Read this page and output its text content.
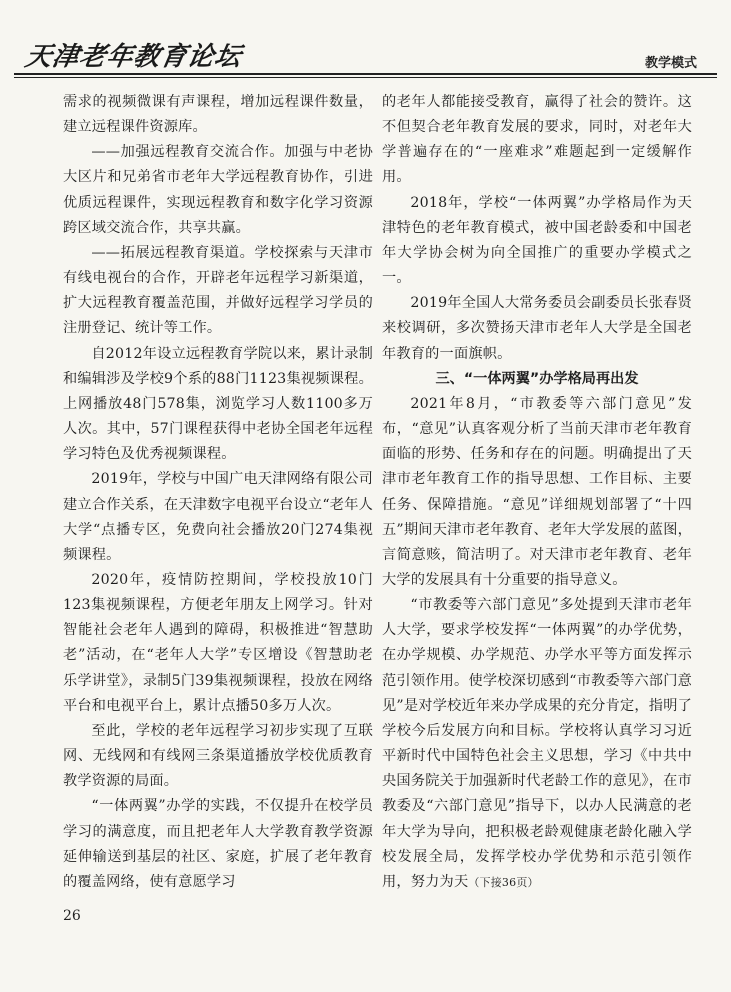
天津老年教育论坛	教学模式

需求的视频微课有声课程，增加远程课件数量，建立远程课件资源库。

——加强远程教育交流合作。加强与中老协大区片和兄弟省市老年大学远程教育协作，引进优质远程课件，实现远程教育和数字化学习资源跨区域交流合作，共享共赢。

——拓展远程教育渠道。学校探索与天津市有线电视台的合作，开辟老年远程学习新渠道，扩大远程教育覆盖范围，并做好远程学习学员的注册登记、统计等工作。

自2012年设立远程教育学院以来，累计录制和编辑涉及学校9个系的88门1123集视频课程。上网播放48门578集，浏览学习人数1100多万人次。其中，57门课程获得中老协全国老年远程学习特色及优秀视频课程。

2019年，学校与中国广电天津网络有限公司建立合作关系，在天津数字电视平台设立“老年人大学“点播专区，免费向社会播放20门274集视频课程。

2020年，疫情防控期间，学校投放10门123集视频课程，方便老年朋友上网学习。针对智能社会老年人遇到的障碍，积极推进“智慧助老”活动，在“老年人大学”专区增设《智慧助老乐学讲堂》，录制5门39集视频课程，投放在网络平台和电视平台上，累计点播50多万人次。

至此，学校的老年远程学习初步实现了互联网、无线网和有线网三条渠道播放学校优质教育教学资源的局面。

“一体两翼”办学的实践，不仅提升在校学员学习的满意度，而且把老年人大学教育教学资源延伸输送到基层的社区、家庭，扩展了老年教育的覆盖网络，使有意愿学习

的老年人都能接受教育，赢得了社会的赞许。这不但契合老年教育发展的要求，同时，对老年大学普遍存在的“一座难求”难题起到一定缓解作用。

2018年，学校“一体两翼”办学格局作为天津特色的老年教育模式，被中国老龄委和中国老年大学协会树为向全国推广的重要办学模式之一。

2019年全国人大常务委员会副委员长张春贤来校调研，多次赞扬天津市老年人大学是全国老年教育的一面旗帜。

三、“一体两翼”办学格局再出发

2021年8月，“市教委等六部门意见”发布，“意见”认真客观分析了当前天津市老年教育面临的形势、任务和存在的问题。明确提出了天津市老年教育工作的指导思想、工作目标、主要任务、保障措施。“意见”详细规划部署了“十四五”期间天津市老年教育、老年大学发展的蓝图，言简意赅，简洁明了。对天津市老年教育、老年大学的发展具有十分重要的指导意义。

“市教委等六部门意见”多处提到天津市老年人大学，要求学校发挥“一体两翼”的办学优势，在办学规模、办学规范、办学水平等方面发挥示范引领作用。使学校深切感到“市教委等六部门意见”是对学校近年来办学成果的充分肯定，指明了学校今后发展方向和目标。学校将认真学习习近平新时代中国特色社会主义思想，学习《中共中央国务院关于加强新时代老龄工作的意见》，在市教委及“六部门意见”指导下，以办人民满意的老年大学为导向，把积极老龄观健康老龄化融入学校发展全局，发挥学校办学优势和示范引领作用，努力为天（下接36页）

26
